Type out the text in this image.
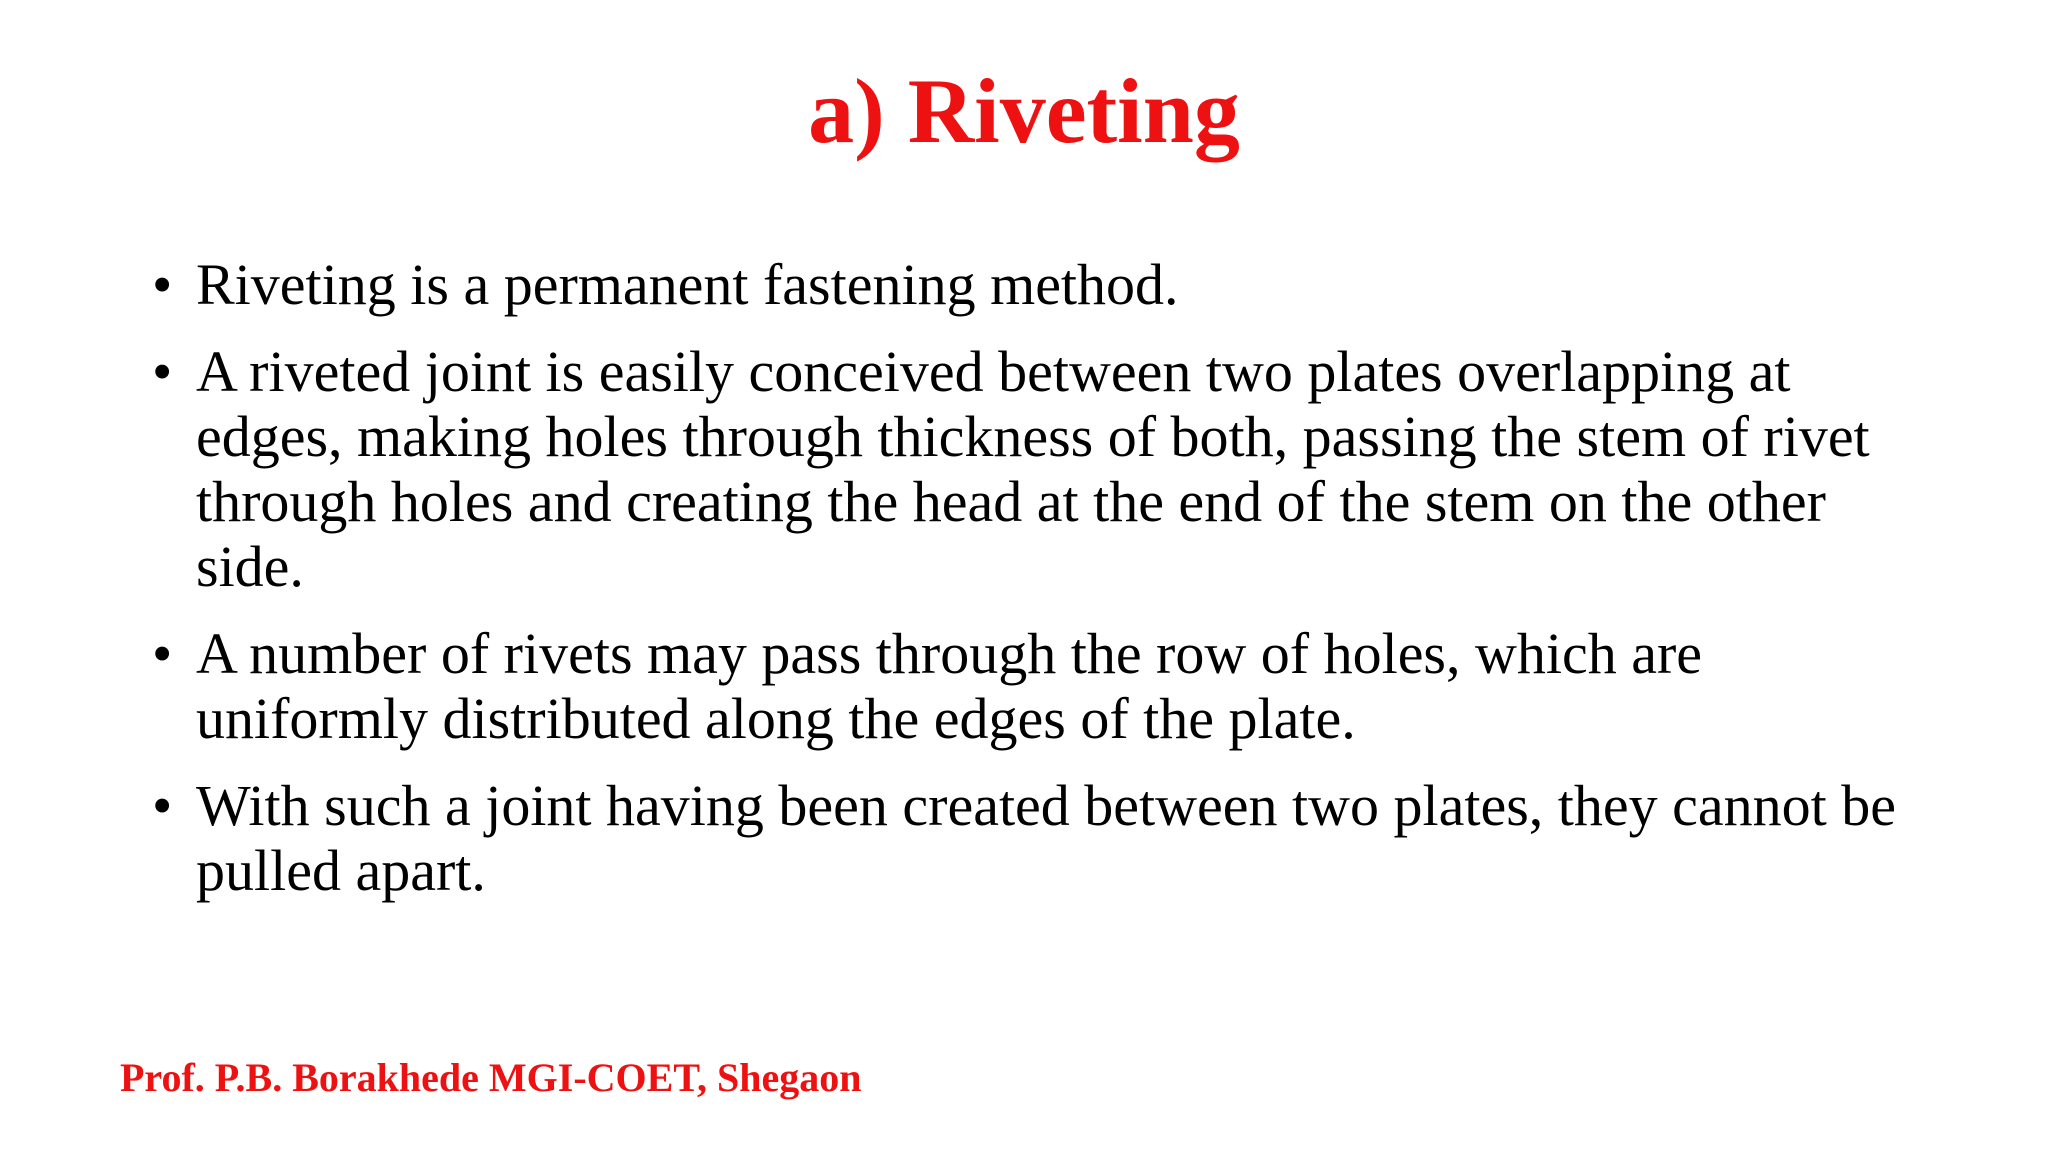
a) Riveting
• Riveting is a permanent fastening method.
• A riveted joint is easily conceived between two plates overlapping at edges, making holes through thickness of both, passing the stem of rivet through holes and creating the head at the end of the stem on the other side.
• A number of rivets may pass through the row of holes, which are uniformly distributed along the edges of the plate.
• With such a joint having been created between two plates, they cannot be pulled apart.

Prof. P.B. Borakhede MGI-COET, Shegaon
